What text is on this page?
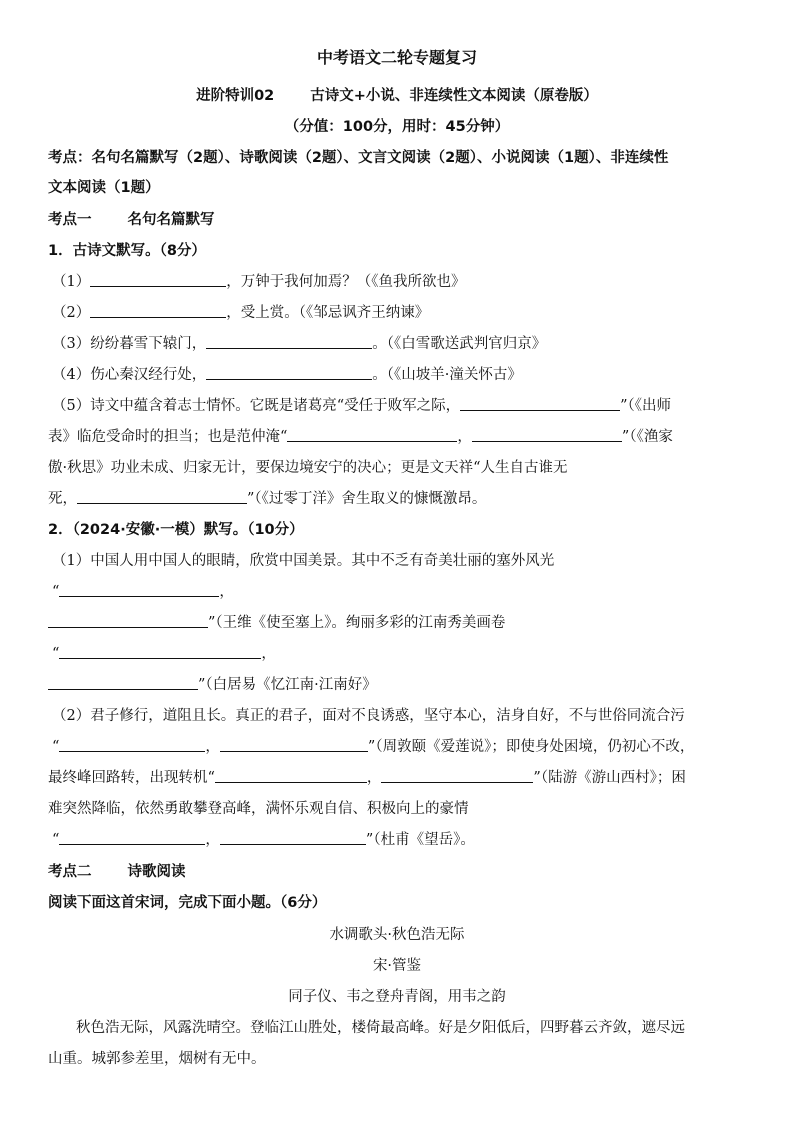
中考语文二轮专题复习
进阶特训02 古诗文+小说、非连续性文本阅读（原卷版）
（分值：100分，用时：45分钟）
考点：名句名篇默写（2题）、诗歌阅读（2题）、文言文阅读（2题）、小说阅读（1题）、非连续性
文本阅读（1题）
考点一 名句名篇默写
1．古诗文默写。（8分）
（1）	，万钟于我何加焉？（《鱼我所欲也》
（2）	，受上赏。（《邹忌讽齐王纳谏》
（3）纷纷暮雪下辕门，	。（《白雪歌送武判官归京》
（4）伤心秦汉经行处，	。（《山坡羊·潼关怀古》
（5）诗文中蕴含着志士情怀。它既是诸葛亮“受任于败军之际，	”（《出师
表》临危受命时的担当；也是范仲淹“	，	”（《渔家
傲·秋思》功业未成、归家无计，要保边境安宁的决心；更是文天祥“人生自古谁无
死，	”（《过零丁洋》舍生取义的慷慨激昂。
2．（2024·安徽·一模）默写。（10分）
（1）中国人用中国人的眼睛，欣赏中国美景。其中不乏有奇美壮丽的塞外风光
“	，
”（王维《使至塞上》。绚丽多彩的江南秀美画卷
“	，
”（白居易《忆江南·江南好》
（2）君子修行，道阻且长。真正的君子，面对不良诱惑，坚守本心，洁身自好，不与世俗同流合污
“	，	”（周敦颐《爱莲说》；即使身处困境，仍初心不改，
最终峰回路转，出现转机“	，	”（陆游《游山西村》；困
难突然降临，依然勇敢攀登高峰，满怀乐观自信、积极向上的豪情
“	，	”（杜甫《望岳》。
考点二 诗歌阅读
阅读下面这首宋词，完成下面小题。（6分）
水调歌头·秋色浩无际
宋·管鉴
同子仪、韦之登舟青阁，用韦之韵
秋色浩无际，风露洗晴空。登临江山胜处，楼倚最高峰。好是夕阳低后，四野暮云齐敛，遮尽远
山重。城郭参差里，烟树有无中。
